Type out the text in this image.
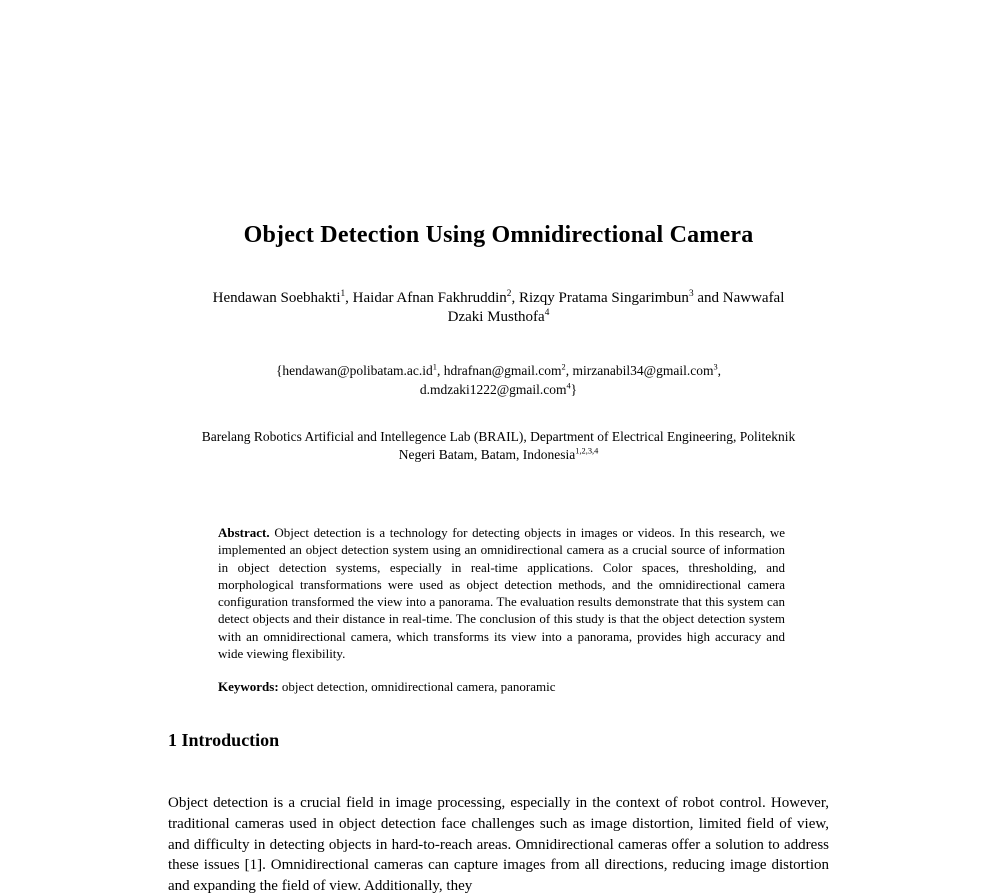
Object Detection Using Omnidirectional Camera
Hendawan Soebhakti$^1$, Haidar Afnan Fakhruddin$^2$, Rizqy Pratama Singarimbun$^3$ and Nawwafal
Dzaki Musthofa$^4$
{$hendawan@polibatam.ac.id^1$, hdrafnan@gmail.com$^2$, mirzanabil34@gmail.com$^3$,
d.mdzaki1222@gmail.com$^4$}
Barelang Robotics Artificial and Intellegence Lab (BRAIL), Department of Electrical Engineering, Politeknik
Negeri Batam, Batam, Indonesia$^{1,2,3,4}$
Abstract. Object detection is a technology for detecting objects in images or videos. In this research, we implemented an object detection system using an omnidirectional camera as a crucial source of information in object detection systems, especially in real-time applications. Color spaces, thresholding, and morphological transformations were used as object detection methods, and the omnidirectional camera configuration transformed the view into a panorama. The evaluation results demonstrate that this system can detect objects and their distance in real-time. The conclusion of this study is that the object detection system with an omnidirectional camera, which transforms its view into a panorama, provides high accuracy and wide viewing flexibility.
Keywords: object detection, omnidirectional camera, panoramic
1 Introduction
Object detection is a crucial field in image processing, especially in the context of robot control. However, traditional cameras used in object detection face challenges such as image distortion, limited field of view, and difficulty in detecting objects in hard-to-reach areas. Omnidirectional cameras offer a solution to address these issues [1]. Omnidirectional cameras can capture images from all directions, reducing image distortion and expanding the field of view. Additionally, they
